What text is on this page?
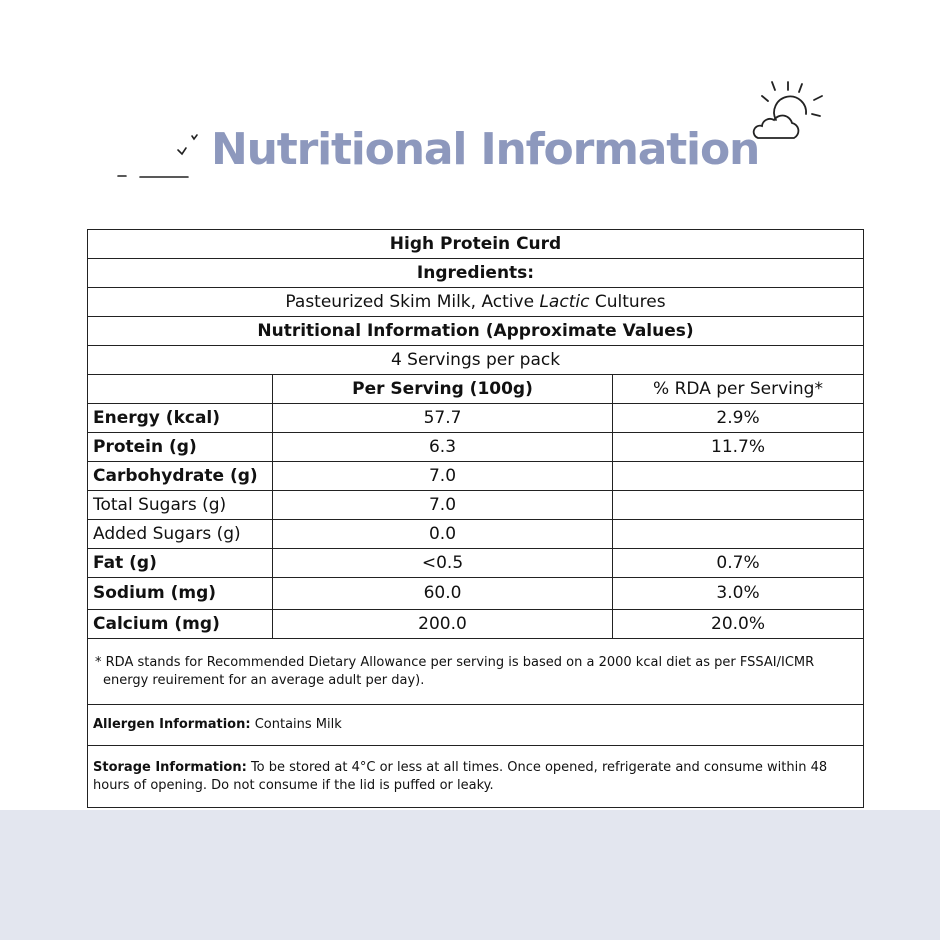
Nutritional Information
High Protein Curd		
Ingredients:		
Pasteurized Skim Milk, Active Lactic Cultures		
Nutritional Information (Approximate Values)		
4 Servings per pack		
	Per Serving (100g)	% RDA per Serving*
Energy (kcal)	57.7	2.9%
Protein (g)	6.3	11.7%
Carbohydrate (g)	7.0	
Total Sugars (g)	7.0	
Added Sugars (g)	0.0	
Fat (g)	<0.5	0.7%
Sodium (mg)	60.0	3.0%
Calcium (mg)	200.0	20.0%

* RDA stands for Recommended Dietary Allowance per serving is based on a 2000 kcal diet as per FSSAI/ICMR energy reuirement for an average adult per day).		

Allergen Information: Contains Milk		
Storage Information: To be stored at 4°C or less at all times. Once opened, refrigerate and consume within 48 hours of opening. Do not consume if the lid is puffed or leaky.		
